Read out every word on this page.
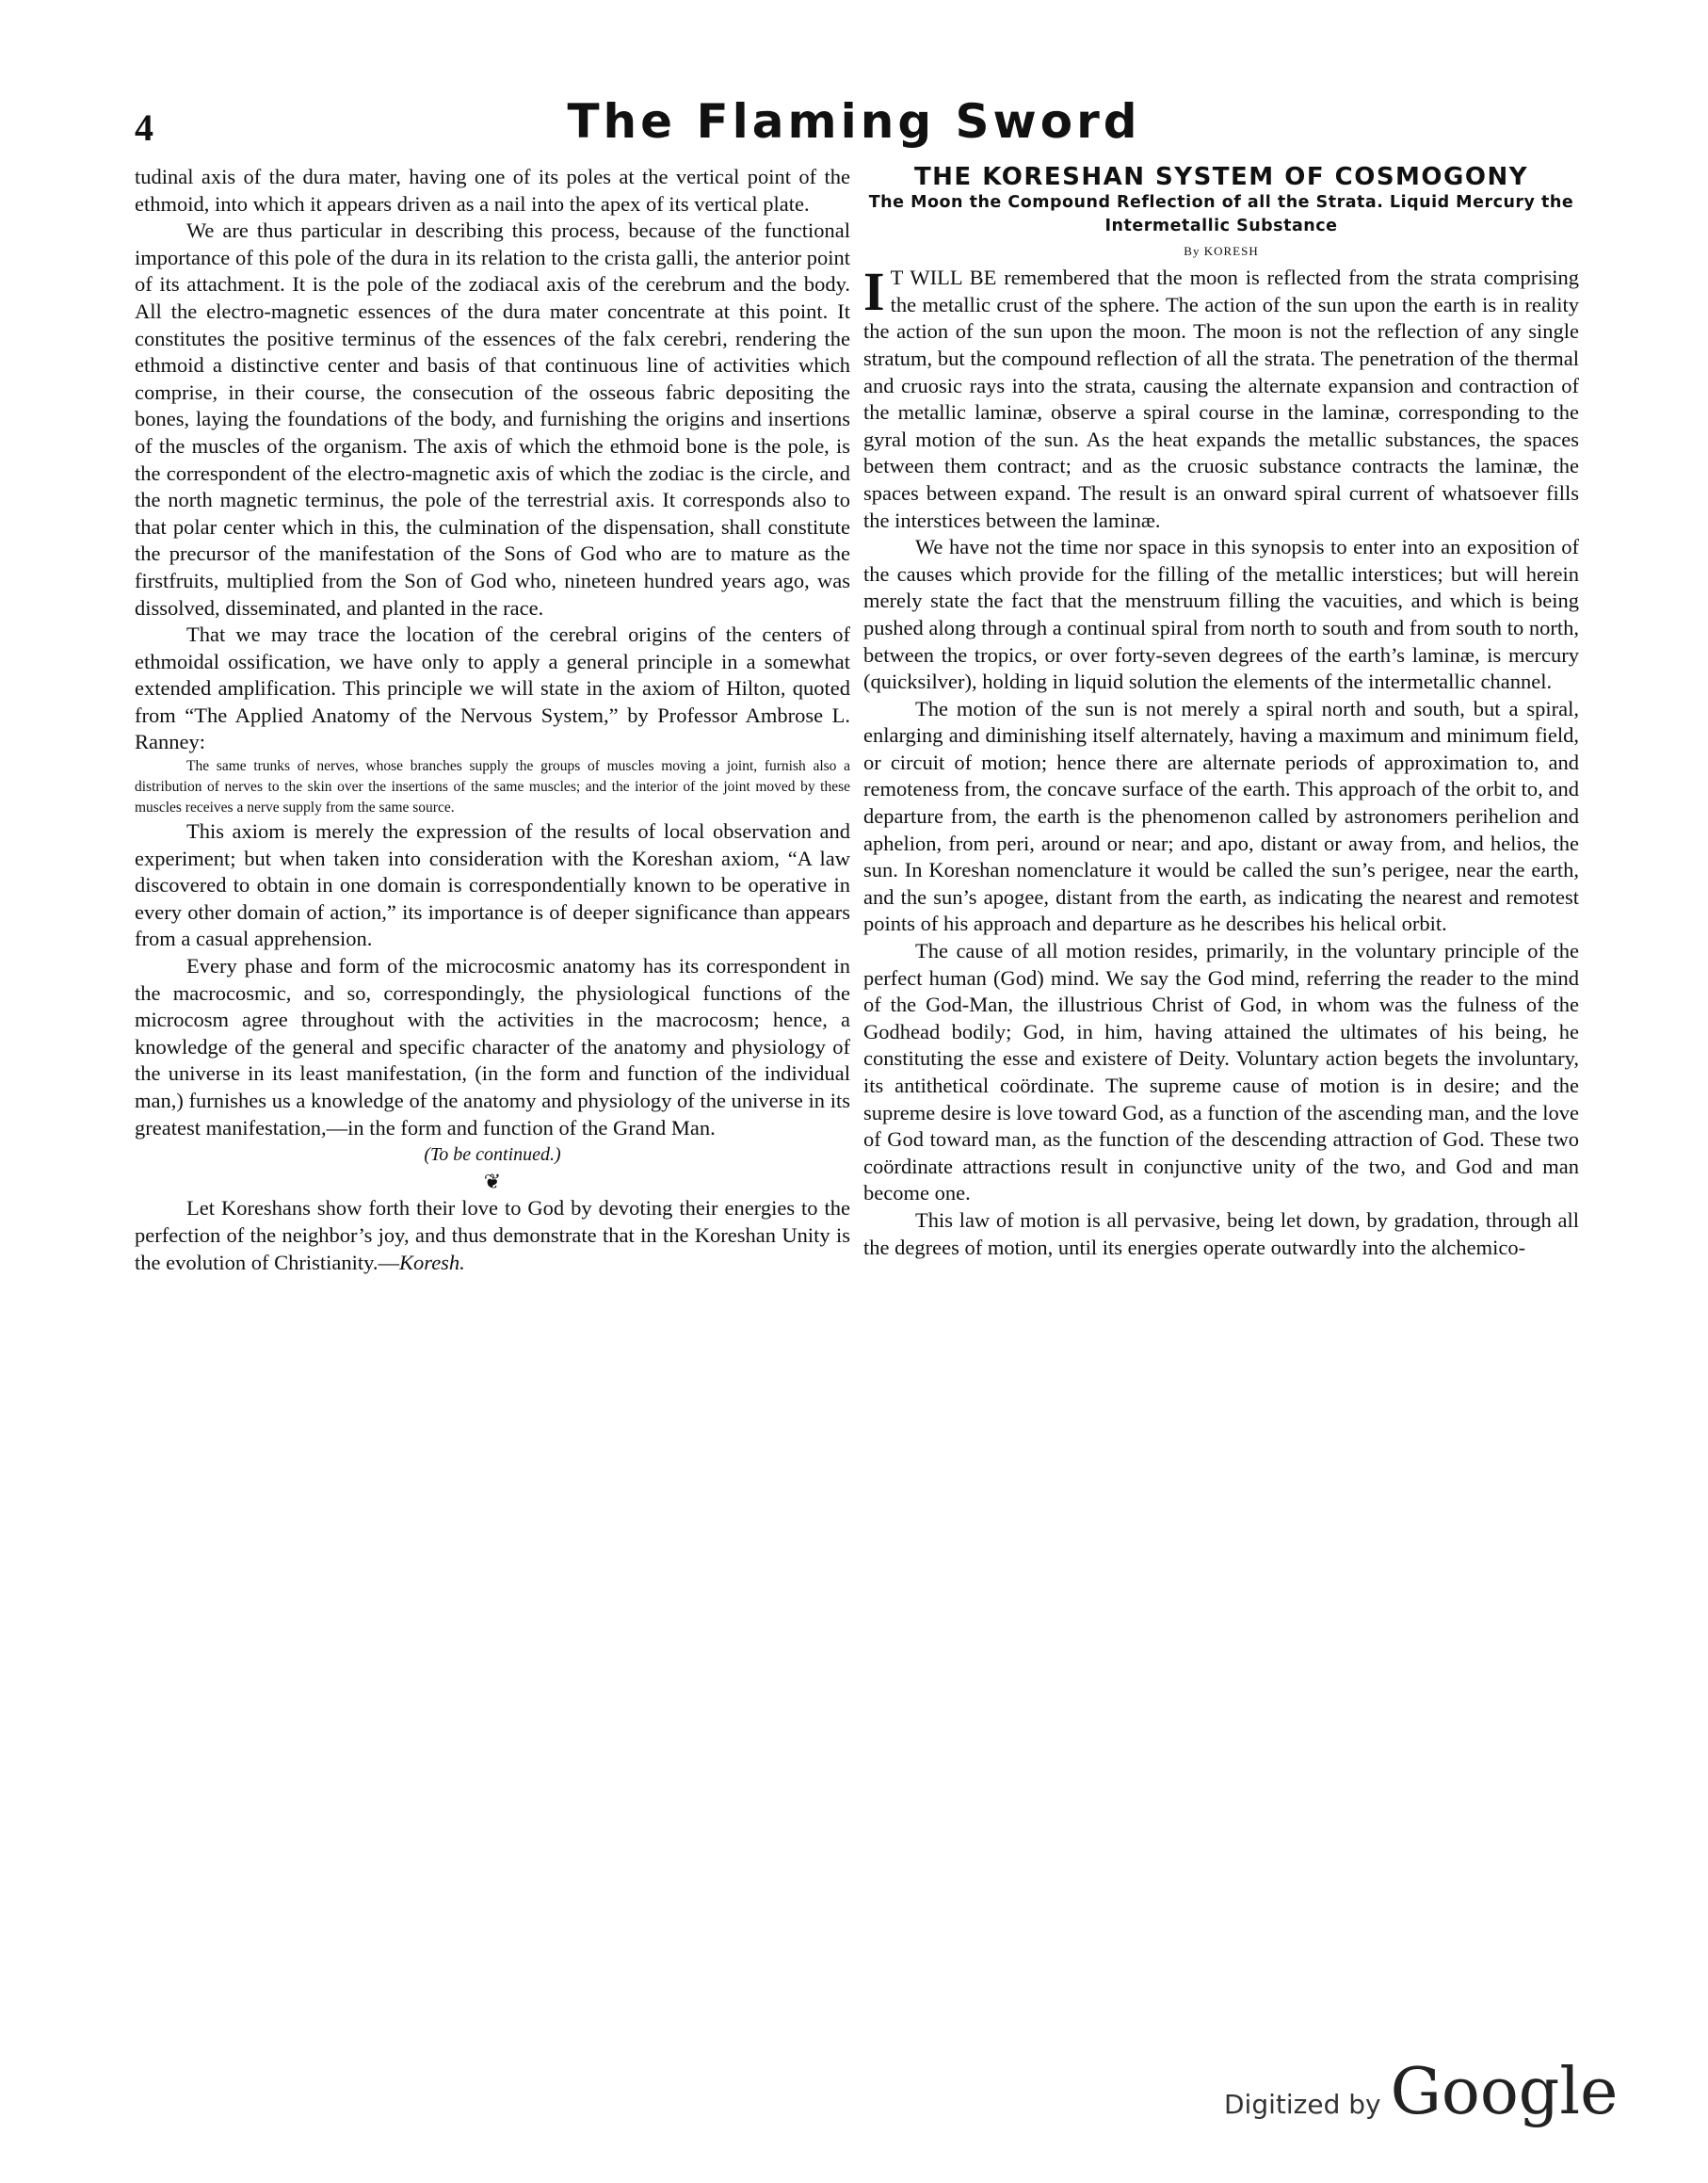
4	The Flaming Sword

tudinal axis of the dura mater, having one of its poles at the vertical point of the ethmoid, into which it appears driven as a nail into the apex of its vertical plate.

We are thus particular in describing this process, because of the functional importance of this pole of the dura in its relation to the crista galli, the anterior point of its attachment. It is the pole of the zodiacal axis of the cerebrum and the body. All the electro-magnetic essences of the dura mater concentrate at this point. It constitutes the positive terminus of the essences of the falx cerebri, rendering the ethmoid a distinctive center and basis of that continuous line of activities which comprise, in their course, the consecution of the osseous fabric depositing the bones, laying the foundations of the body, and furnishing the origins and insertions of the muscles of the organism. The axis of which the ethmoid bone is the pole, is the correspondent of the electro-magnetic axis of which the zodiac is the circle, and the north magnetic terminus, the pole of the terrestrial axis. It corresponds also to that polar center which in this, the culmination of the dispensation, shall constitute the precursor of the manifestation of the Sons of God who are to mature as the firstfruits, multiplied from the Son of God who, nineteen hundred years ago, was dissolved, disseminated, and planted in the race.

That we may trace the location of the cerebral origins of the centers of ethmoidal ossification, we have only to apply a general principle in a somewhat extended amplification. This principle we will state in the axiom of Hilton, quoted from “The Applied Anatomy of the Nervous System,” by Professor Ambrose L. Ranney:

The same trunks of nerves, whose branches supply the groups of muscles moving a joint, furnish also a distribution of nerves to the skin over the insertions of the same muscles; and the interior of the joint moved by these muscles receives a nerve supply from the same source.

This axiom is merely the expression of the results of local observation and experiment; but when taken into consideration with the Koreshan axiom, “A law discovered to obtain in one domain is correspondentially known to be operative in every other domain of action,” its importance is of deeper significance than appears from a casual apprehension.

Every phase and form of the microcosmic anatomy has its correspondent in the macrocosmic, and so, correspondingly, the physiological functions of the microcosm agree throughout with the activities in the macrocosm; hence, a knowledge of the general and specific character of the anatomy and physiology of the universe in its least manifestation, (in the form and function of the individual man,) furnishes us a knowledge of the anatomy and physiology of the universe in its greatest manifestation,—in the form and function of the Grand Man.

(To be continued.)

❦

Let Koreshans show forth their love to God by devoting their energies to the perfection of the neighbor’s joy, and thus demonstrate that in the Koreshan Unity is the evolution of Christianity.—Koresh.

THE KORESHAN SYSTEM OF COSMOGONY

The Moon the Compound Reflection of all the Strata. Liquid Mercury the Intermetallic Substance

By KORESH

I T WILL BE remembered that the moon is reflected from the strata comprising the metallic crust of the sphere. The action of the sun upon the earth is in reality the action of the sun upon the moon. The moon is not the reflection of any single stratum, but the compound reflection of all the strata. The penetration of the thermal and cruosic rays into the strata, causing the alternate expansion and contraction of the metallic laminæ, observe a spiral course in the laminæ, corresponding to the gyral motion of the sun. As the heat expands the metallic substances, the spaces between them contract; and as the cruosic substance contracts the laminæ, the spaces between expand. The result is an onward spiral current of whatsoever fills the interstices between the laminæ.

We have not the time nor space in this synopsis to enter into an exposition of the causes which provide for the filling of the metallic interstices; but will herein merely state the fact that the menstruum filling the vacuities, and which is being pushed along through a continual spiral from north to south and from south to north, between the tropics, or over forty-seven degrees of the earth’s laminæ, is mercury (quicksilver), holding in liquid solution the elements of the intermetallic channel.

The motion of the sun is not merely a spiral north and south, but a spiral, enlarging and diminishing itself alternately, having a maximum and minimum field, or circuit of motion; hence there are alternate periods of approximation to, and remoteness from, the concave surface of the earth. This approach of the orbit to, and departure from, the earth is the phenomenon called by astronomers perihelion and aphelion, from peri, around or near; and apo, distant or away from, and helios, the sun. In Koreshan nomenclature it would be called the sun’s perigee, near the earth, and the sun’s apogee, distant from the earth, as indicating the nearest and remotest points of his approach and departure as he describes his helical orbit.

The cause of all motion resides, primarily, in the voluntary principle of the perfect human (God) mind. We say the God mind, referring the reader to the mind of the God-Man, the illustrious Christ of God, in whom was the fulness of the Godhead bodily; God, in him, having attained the ultimates of his being, he constituting the esse and existere of Deity. Voluntary action begets the involuntary, its antithetical coördinate. The supreme cause of motion is in desire; and the supreme desire is love toward God, as a function of the ascending man, and the love of God toward man, as the function of the descending attraction of God. These two coördinate attractions result in conjunctive unity of the two, and God and man become one.

This law of motion is all pervasive, being let down, by gradation, through all the degrees of motion, until its energies operate outwardly into the alchemico-

Digitized by Google
